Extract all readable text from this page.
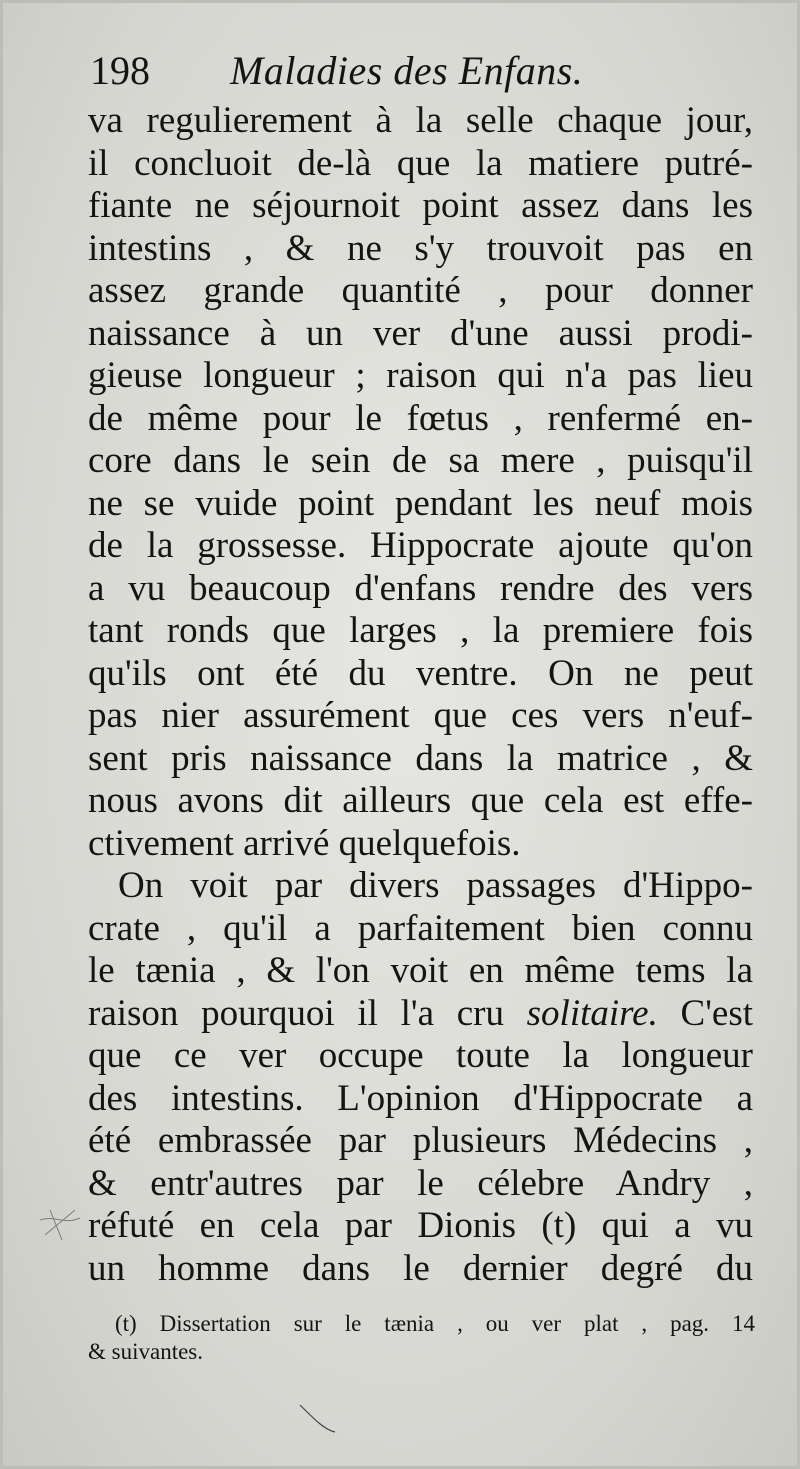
198 Maladies des Enfans.
va regulierement à la selle chaque jour,
il concluoit de-là que la matiere putré-
fiante ne séjournoit point assez dans les
intestins , & ne s'y trouvoit pas en
assez grande quantité , pour donner
naissance à un ver d'une aussi prodi-
gieuse longueur ; raison qui n'a pas lieu
de même pour le fœtus , renfermé en-
core dans le sein de sa mere , puisqu'il
ne se vuide point pendant les neuf mois
de la grossesse. Hippocrate ajoute qu'on
a vu beaucoup d'enfans rendre des vers
tant ronds que larges , la premiere fois
qu'ils ont été du ventre. On ne peut
pas nier assurément que ces vers n'euf-
sent pris naissance dans la matrice , &
nous avons dit ailleurs que cela est effe-
ctivement arrivé quelquefois.
On voit par divers passages d'Hippo-
crate , qu'il a parfaitement bien connu
le tænia , & l'on voit en même tems la
raison pourquoi il l'a cru solitaire. C'est
que ce ver occupe toute la longueur
des intestins. L'opinion d'Hippocrate a
été embrassée par plusieurs Médecins ,
& entr'autres par le célebre Andry ,
réfuté en cela par Dionis (t) qui a vu
un homme dans le dernier degré du
(t) Dissertation sur le tænia , ou ver plat , pag. 14
& suivantes.
